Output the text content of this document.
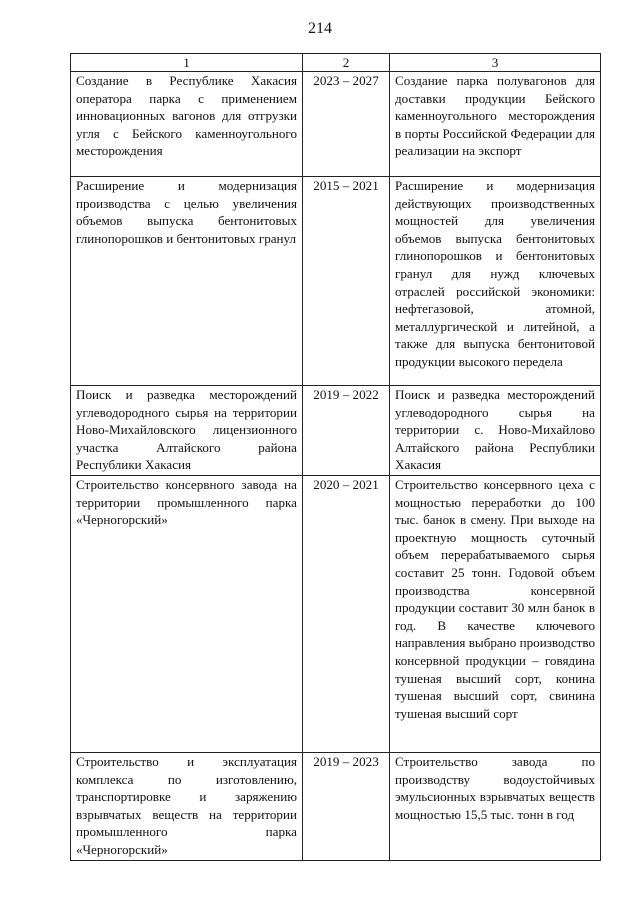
214
1	2	3
Создание в Республике Хакасия оператора парка с применением инновационных вагонов для отгрузки угля с Бейского каменноугольного месторождения	2023 – 2027	Создание парка полувагонов для доставки продукции Бейского каменноугольного месторождения в порты Российской Федерации для реализации на экспорт
Расширение и модернизация производства с целью увеличения объемов выпуска бентонитовых глинопорошков и бентонитовых гранул	2015 – 2021	Расширение и модернизация действующих производственных мощностей для увеличения объемов выпуска бентонитовых глинопорошков и бентонитовых гранул для нужд ключевых отраслей российской экономики: нефтегазовой, атомной, металлургической и литейной, а также для выпуска бентонитовой продукции высокого передела
Поиск и разведка месторождений углеводородного сырья на территории Ново-Михайловского лицензионного участка Алтайского района Республики Хакасия	2019 – 2022	Поиск и разведка месторождений углеводородного сырья на территории с. Ново-Михайлово Алтайского района Республики Хакасия
Строительство консервного завода на территории промышленного парка «Черногорский»	2020 – 2021	Строительство консервного цеха с мощностью переработки до 100 тыс. банок в смену. При выходе на проектную мощность суточный объем перерабатываемого сырья составит 25 тонн. Годовой объем производства консервной продукции составит 30 млн банок в год. В качестве ключевого направления выбрано производство консервной продукции – говядина тушеная высший сорт, конина тушеная высший сорт, свинина тушеная высший сорт
Строительство и эксплуатация комплекса по изготовлению, транспортировке и заряжению взрывчатых веществ на территории промышленного парка «Черногорский»	2019 – 2023	Строительство завода по производству водоустойчивых эмульсионных взрывчатых веществ мощностью 15,5 тыс. тонн в год
